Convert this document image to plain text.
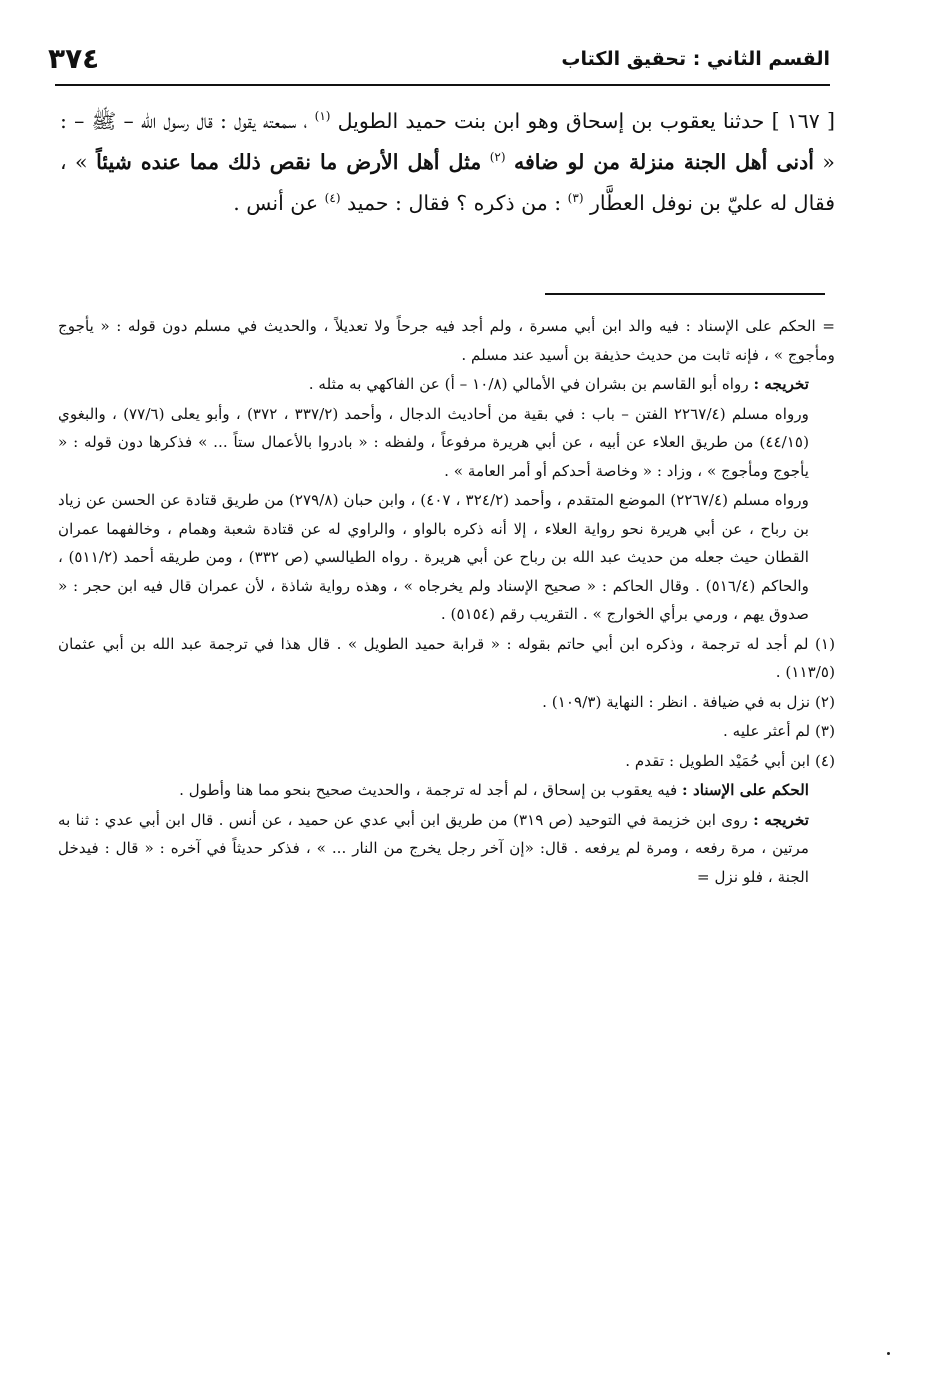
القسم الثاني : تحقيق الكتاب
٣٧٤

[ ١٦٧ ] حدثنا يعقوب بن إسحاق وهو ابن بنت حميد الطويل $^{(١)}$ ، سمعته يقول : قال رسول الله – ﷺ – : « أدنى أهل الجنة منزلة من لو ضافه $^{(٢)}$ مثل أهل الأرض ما نقص ذلك مما عنده شيئاً » ، فقال له عليّ بن نوفل العطَّار $^{(٣)}$ : من ذكره ؟ فقال : حميد $^{(٤)}$ عن أنس .

= الحكم على الإسناد : فيه والد ابن أبي مسرة ، ولم أجد فيه جرحاً ولا تعديلاً ، والحديث في مسلم دون قوله : « يأجوج ومأجوج » ، فإنه ثابت من حديث حذيفة بن أسيد عند مسلم .

تخريجه : رواه أبو القاسم بن بشران في الأمالي (١٠/٨ – أ) عن الفاكهي به مثله .

ورواه مسلم (٢٢٦٧/٤ الفتن – باب : في بقية من أحاديث الدجال ، وأحمد (٣٣٧/٢ ، ٣٧٢) ، وأبو يعلى (٧٧/٦) ، والبغوي (٤٤/١٥) من طريق العلاء عن أبيه ، عن أبي هريرة مرفوعاً ، ولفظه : « بادروا بالأعمال ستاً ... » فذكرها دون قوله : « يأجوج ومأجوج » ، وزاد : « وخاصة أحدكم أو أمر العامة » .

ورواه مسلم (٢٢٦٧/٤) الموضع المتقدم ، وأحمد (٣٢٤/٢ ، ٤٠٧) ، وابن حبان (٢٧٩/٨) من طريق قتادة عن الحسن عن زياد بن رباح ، عن أبي هريرة نحو رواية العلاء ، إلا أنه ذكره بالواو ، والراوي له عن قتادة شعبة وهمام ، وخالفهما عمران القطان حيث جعله من حديث عبد الله بن رباح عن أبي هريرة . رواه الطيالسي (ص ٣٣٢) ، ومن طريقه أحمد (٥١١/٢) ، والحاكم (٥١٦/٤) . وقال الحاكم : « صحيح الإسناد ولم يخرجاه » ، وهذه رواية شاذة ، لأن عمران قال فيه ابن حجر : « صدوق يهم ، ورمي برأي الخوارج » . التقريب رقم (٥١٥٤) .

(١) لم أجد له ترجمة ، وذكره ابن أبي حاتم بقوله : « قرابة حميد الطويل » . قال هذا في ترجمة عبد الله بن أبي عثمان (١١٣/٥) .

(٢) نزل به في ضيافة . انظر : النهاية (١٠٩/٣) .

(٣) لم أعثر عليه .

(٤) ابن أبي حُمَيْد الطويل : تقدم .

الحكم على الإسناد : فيه يعقوب بن إسحاق ، لم أجد له ترجمة ، والحديث صحيح بنحو مما هنا وأطول .

تخريجه : روى ابن خزيمة في التوحيد (ص ٣١٩) من طريق ابن أبي عدي عن حميد ، عن أنس . قال ابن أبي عدي : ثنا به مرتين ، مرة رفعه ، ومرة لم يرفعه . قال: «إن آخر رجل يخرج من النار ... » ، فذكر حديثاً في آخره : « قال : فيدخل الجنة ، فلو نزل =
